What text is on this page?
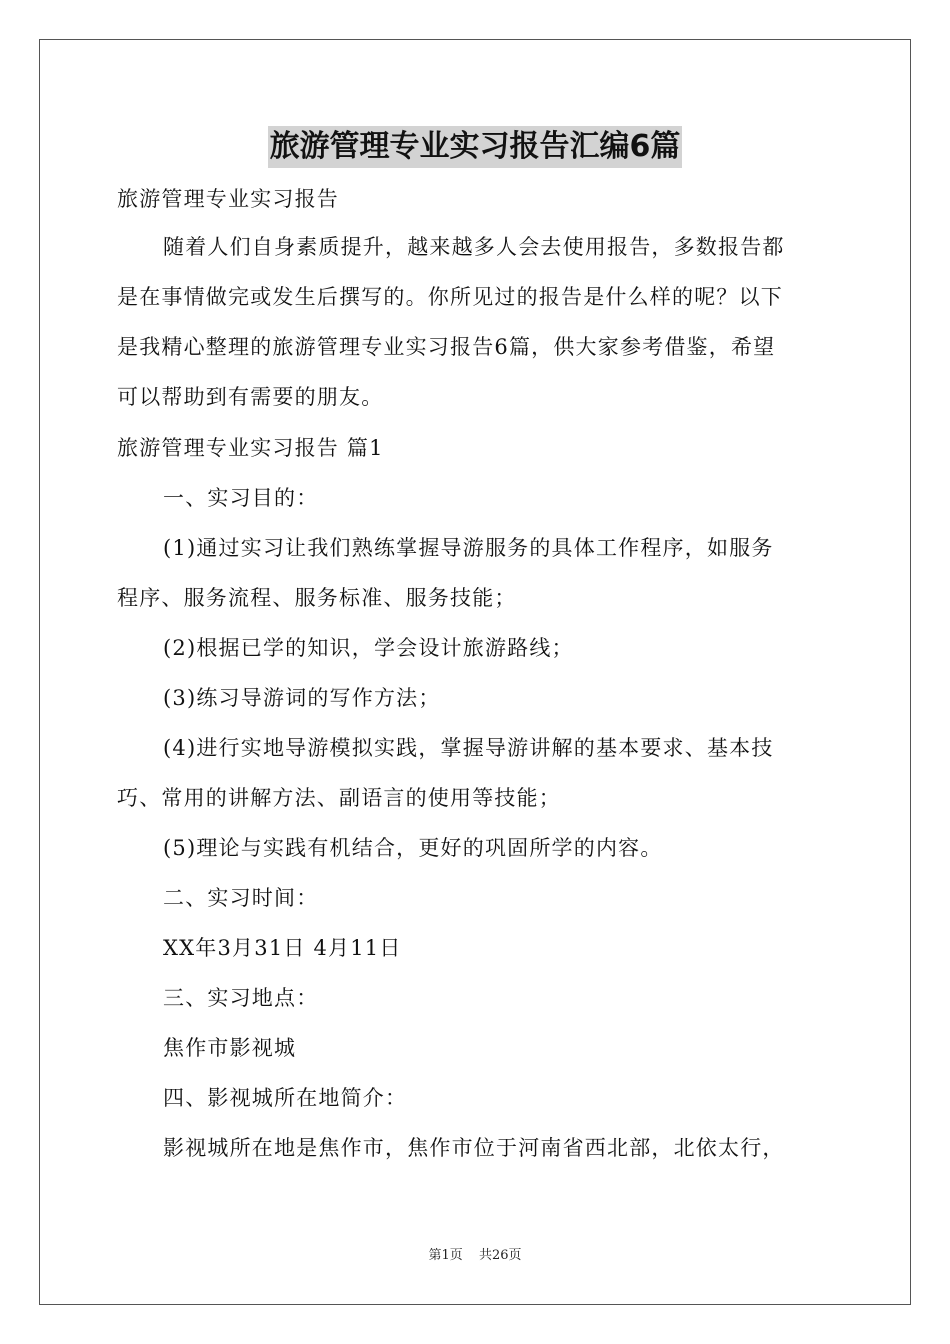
旅游管理专业实习报告汇编6篇
旅游管理专业实习报告
随着人们自身素质提升，越来越多人会去使用报告，多数报告都
是在事情做完或发生后撰写的。你所见过的报告是什么样的呢？以下
是我精心整理的旅游管理专业实习报告6篇，供大家参考借鉴，希望
可以帮助到有需要的朋友。
旅游管理专业实习报告 篇1
一、实习目的：
(1)通过实习让我们熟练掌握导游服务的具体工作程序，如服务
程序、服务流程、服务标准、服务技能；
(2)根据已学的知识，学会设计旅游路线；
(3)练习导游词的写作方法；
(4)进行实地导游模拟实践，掌握导游讲解的基本要求、基本技
巧、常用的讲解方法、副语言的使用等技能；
(5)理论与实践有机结合，更好的巩固所学的内容。
二、实习时间：
XX年3月31日 4月11日
三、实习地点：
焦作市影视城
四、影视城所在地简介：
影视城所在地是焦作市，焦作市位于河南省西北部，北依太行，
第1页 共26页
